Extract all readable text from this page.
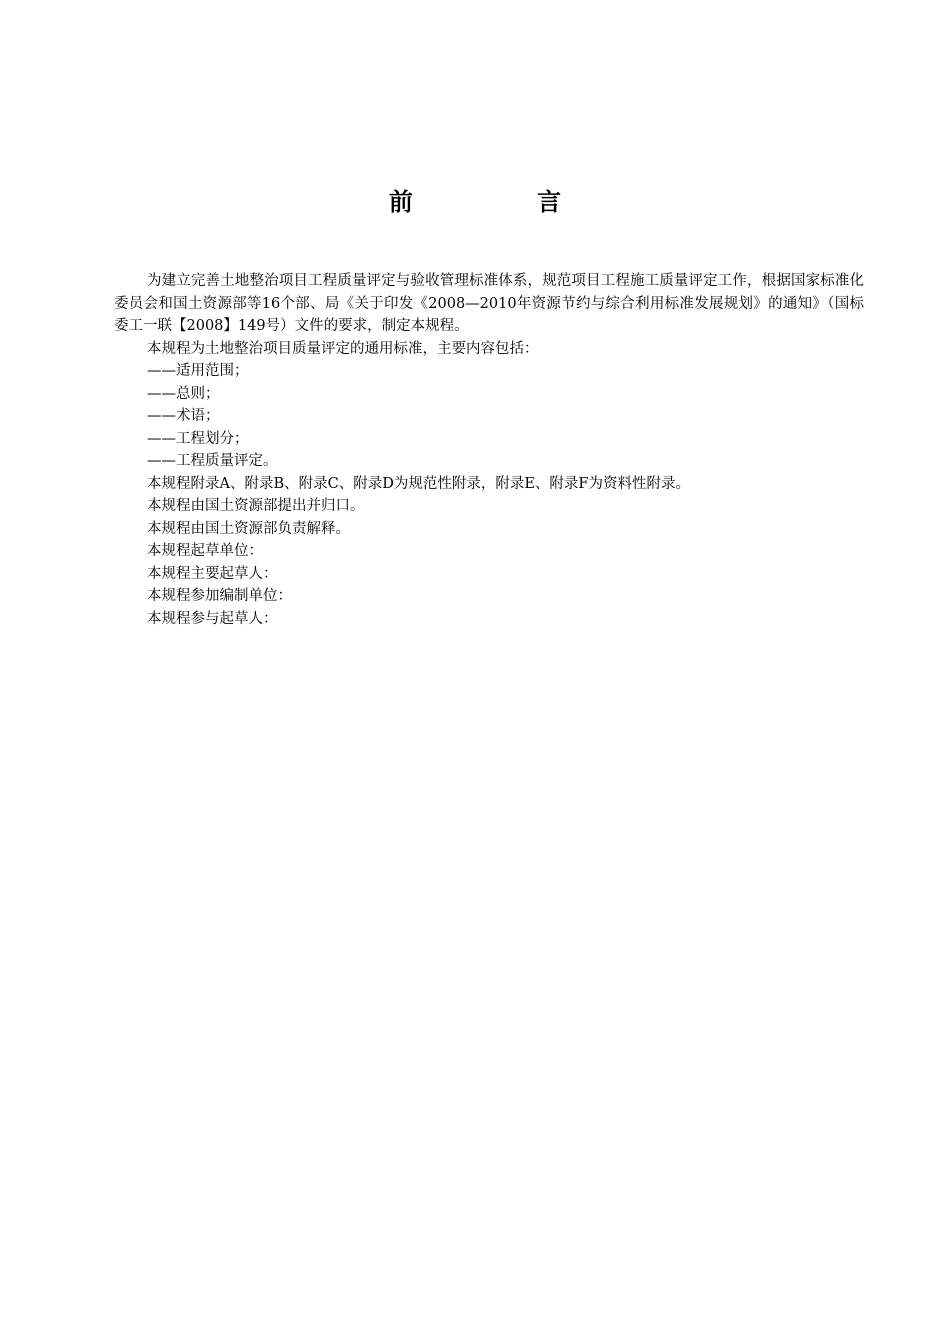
前 言

为建立完善土地整治项目工程质量评定与验收管理标准体系，规范项目工程施工质量评定工作，根据国家标准化委员会和国土资源部等16个部、局《关于印发《2008—2010年资源节约与综合利用标准发展规划》的通知》（国标委工一联【2008】149号）文件的要求，制定本规程。

本规程为土地整治项目质量评定的通用标准，主要内容包括：

——适用范围；

——总则；

——术语；

——工程划分；

——工程质量评定。

本规程附录A、附录B、附录C、附录D为规范性附录，附录E、附录F为资料性附录。

本规程由国土资源部提出并归口。

本规程由国土资源部负责解释。

本规程起草单位：

本规程主要起草人：

本规程参加编制单位：

本规程参与起草人：
